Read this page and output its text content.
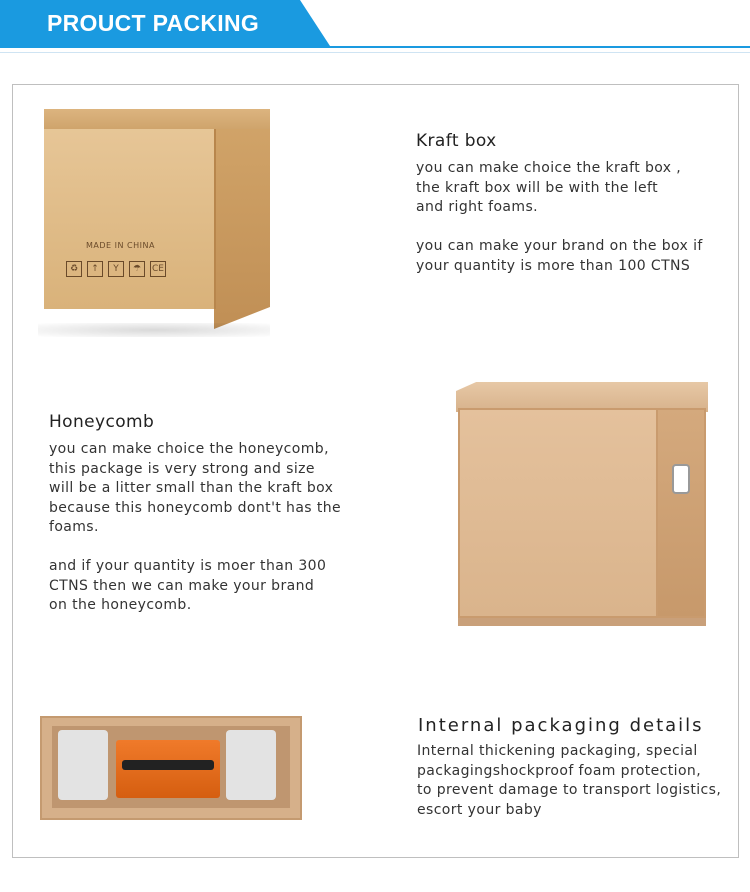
PROUCT PACKING
MADE IN CHINA
♻	↑	Y	☂	CE
Kraft box
you can make choice the kraft box ,
the kraft box will be with the left
and right foams.

you can make your brand on the box if
your quantity is more than 100 CTNS
Honeycomb
you can make choice the honeycomb,
this package is very strong and size
will be a litter small than the kraft box
because this honeycomb dont't has the
foams.

and if your quantity is moer than 300
CTNS then we can make your brand
on the honeycomb.
Internal packaging details
Internal thickening packaging, special
packagingshockproof foam protection,
to prevent damage to transport logistics,
escort your baby
